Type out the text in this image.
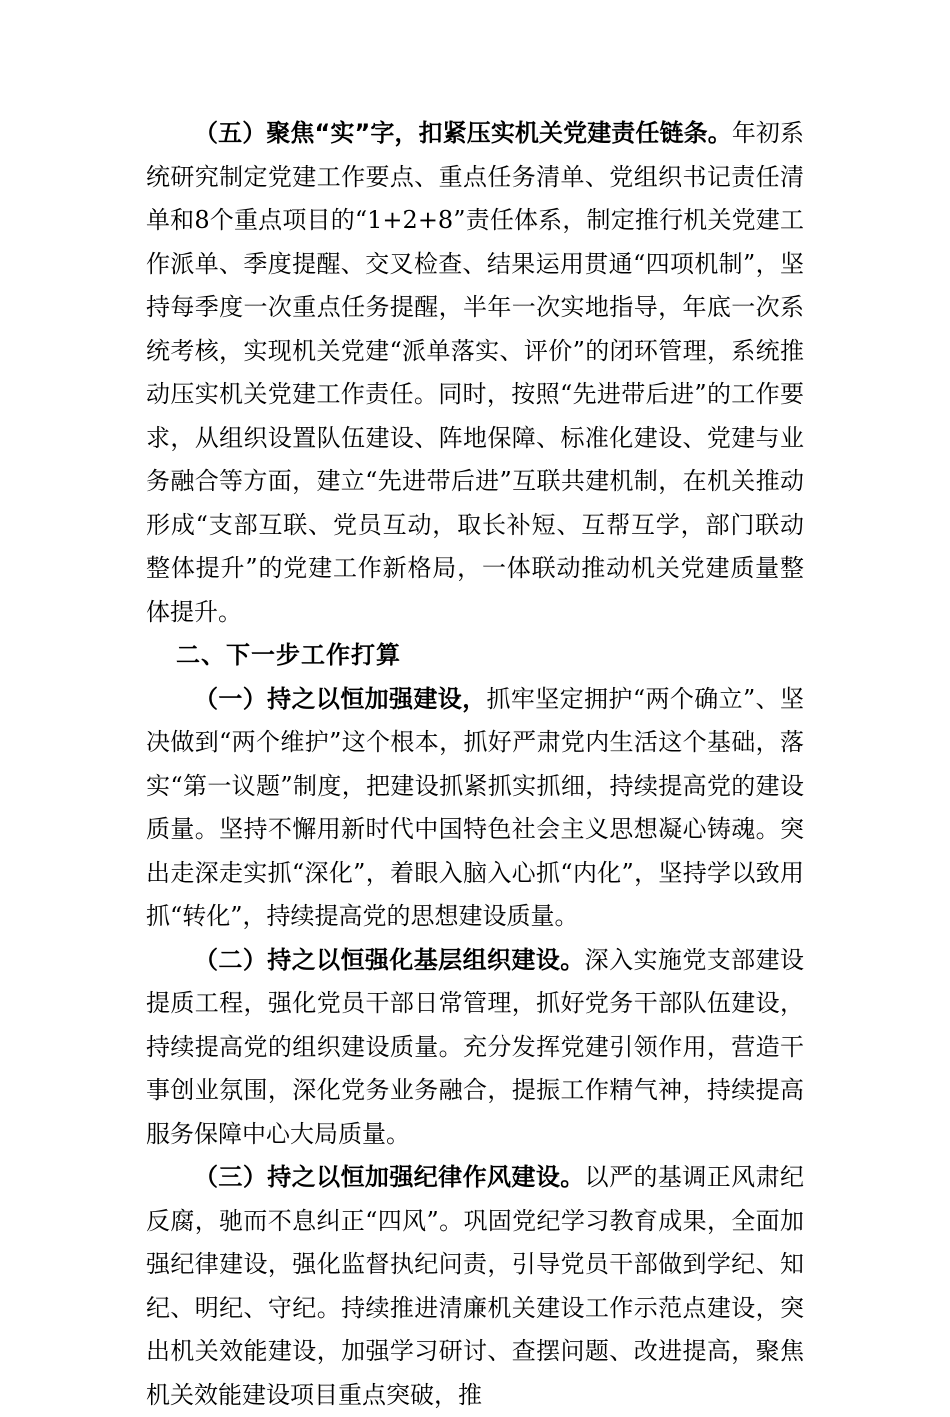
（五）聚焦“实”字，扣紧压实机关党建责任链条。年初系统研究制定党建工作要点、重点任务清单、党组织书记责任清单和8个重点项目的“1+2+8”责任体系，制定推行机关党建工作派单、季度提醒、交叉检查、结果运用贯通“四项机制”，坚持每季度一次重点任务提醒，半年一次实地指导，年底一次系统考核，实现机关党建“派单落实、评价”的闭环管理，系统推动压实机关党建工作责任。同时，按照“先进带后进”的工作要求，从组织设置队伍建设、阵地保障、标准化建设、党建与业务融合等方面，建立“先进带后进”互联共建机制，在机关推动形成“支部互联、党员互动，取长补短、互帮互学，部门联动整体提升”的党建工作新格局，一体联动推动机关党建质量整体提升。

二、下一步工作打算

（一）持之以恒加强建设，抓牢坚定拥护“两个确立”、坚决做到“两个维护”这个根本，抓好严肃党内生活这个基础，落实“第一议题”制度，把建设抓紧抓实抓细，持续提高党的建设质量。坚持不懈用新时代中国特色社会主义思想凝心铸魂。突出走深走实抓“深化”，着眼入脑入心抓“内化”，坚持学以致用抓“转化”，持续提高党的思想建设质量。

（二）持之以恒强化基层组织建设。深入实施党支部建设提质工程，强化党员干部日常管理，抓好党务干部队伍建设，持续提高党的组织建设质量。充分发挥党建引领作用，营造干事创业氛围，深化党务业务融合，提振工作精气神，持续提高服务保障中心大局质量。

（三）持之以恒加强纪律作风建设。以严的基调正风肃纪反腐，驰而不息纠正“四风”。巩固党纪学习教育成果，全面加强纪律建设，强化监督执纪问责，引导党员干部做到学纪、知纪、明纪、守纪。持续推进清廉机关建设工作示范点建设，突出机关效能建设，加强学习研讨、查摆问题、改进提高，聚焦机关效能建设项目重点突破，推
